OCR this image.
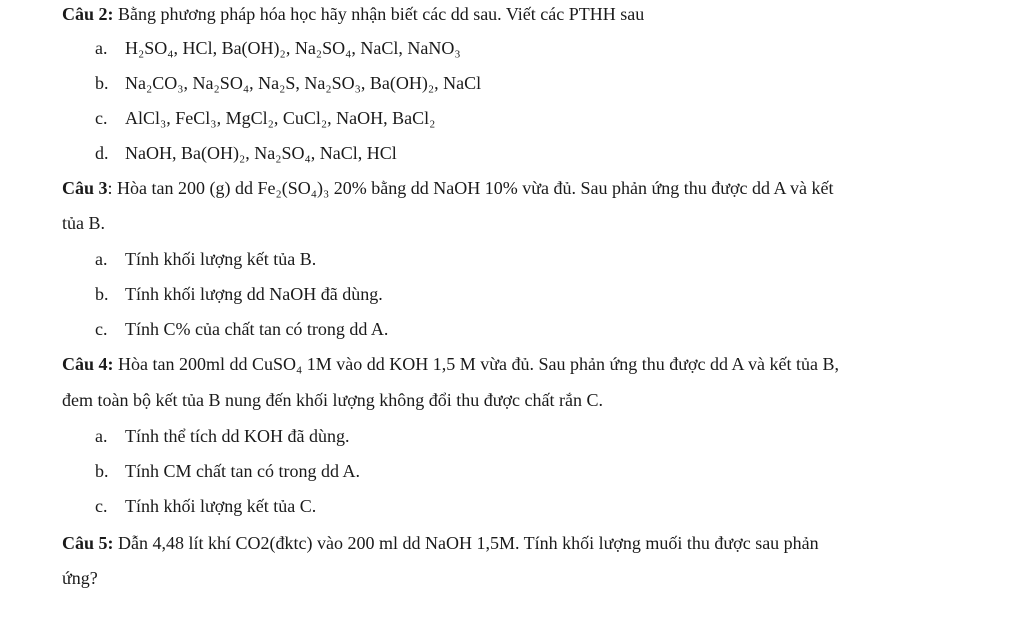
Câu 2: Bằng phương pháp hóa học hãy nhận biết các dd sau. Viết các PTHH sau
a. H₂SO₄, HCl, Ba(OH)₂, Na₂SO₄, NaCl, NaNO₃
b. Na₂CO₃, Na₂SO₄, Na₂S, Na₂SO₃, Ba(OH)₂, NaCl
c. AlCl₃, FeCl₃, MgCl₂, CuCl₂, NaOH, BaCl₂
d. NaOH, Ba(OH)₂, Na₂SO₄, NaCl, HCl
Câu 3: Hòa tan 200 (g) dd Fe₂(SO₄)₃ 20% bằng dd NaOH 10% vừa đủ. Sau phản ứng thu được dd A và kết
tủa B.
a. Tính khối lượng kết tủa B.
b. Tính khối lượng dd NaOH đã dùng.
c. Tính C% của chất tan có trong dd A.
Câu 4: Hòa tan 200ml dd CuSO₄ 1M vào dd KOH 1,5 M vừa đủ. Sau phản ứng thu được dd A và kết tủa B,
đem toàn bộ kết tủa B nung đến khối lượng không đổi thu được chất rắn C.
a. Tính thể tích dd KOH đã dùng.
b. Tính CM chất tan có trong dd A.
c. Tính khối lượng kết tủa C.
Câu 5: Dẫn 4,48 lít khí CO2(đktc) vào 200 ml dd NaOH 1,5M. Tính khối lượng muối thu được sau phản
ứng?
